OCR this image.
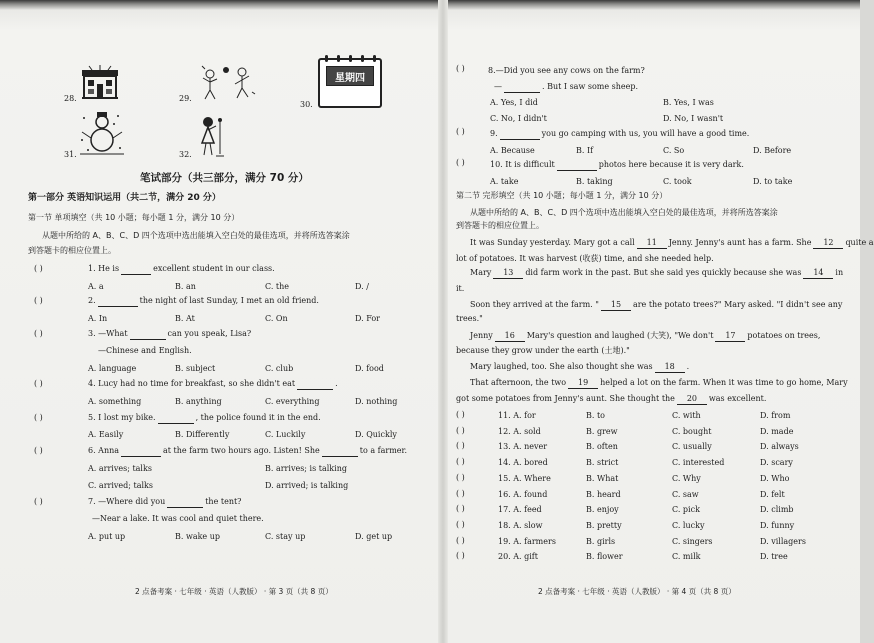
28.	29.
30.
星期四
31.	32.
笔试部分（共三部分，满分 70 分）
第一部分 英语知识运用（共二节，满分 20 分）
第一节 单项填空（共 10 小题；每小题 1 分，满分 10 分）
从题中所给的 A、B、C、D 四个选项中选出能填入空白处的最佳选项，并将所选答案涂
到答题卡的相应位置上。
( )	1. He is	excellent student in our class.
A. a	B. an	C. the	D. /
( )	2.	the night of last Sunday, I met an old friend.
A. In	B. At	C. On	D. For
( )	3. —What	can you speak, Lisa?
—Chinese and English.
A. language	B. subject	C. club	D. food
( )	4. Lucy had no time for breakfast, so she didn't eat	.
A. something	B. anything	C. everything	D. nothing
( )	5. I lost my bike.	, the police found it in the end.
A. Easily	B. Differently	C. Luckily	D. Quickly
( )	6. Anna	at the farm two hours ago. Listen! She	to a farmer.
A. arrives; talks	B. arrives; is talking
C. arrived; talks	D. arrived; is talking
( )	7. —Where did you	the tent?
—Near a lake. It was cool and quiet there.
A. put up	B. wake up	C. stay up	D. get up
2 点备考案 · 七年级 · 英语（人教版） · 第 3 页（共 8 页）
( )	8.—Did you see any cows on the farm?
—	. But I saw some sheep.
A. Yes, I did	B. Yes, I was
C. No, I didn't	D. No, I wasn't
( )	9.	you go camping with us, you will have a good time.
A. Because	B. If	C. So	D. Before
( )	10. It is difficult	photos here because it is very dark.
A. take	B. taking	C. took	D. to take
第二节 完形填空（共 10 小题；每小题 1 分，满分 10 分）
从题中所给的 A、B、C、D 四个选项中选出能填入空白处的最佳选项，并将所选答案涂
到答题卡的相应位置上。
It was Sunday yesterday. Mary got a call 11 Jenny. Jenny's aunt has a farm. She 12 quite a
lot of potatoes. It was harvest (收获) time, and she needed help.
Mary 13 did farm work in the past. But she said yes quickly because she was 14 in
it.
Soon they arrived at the farm. " 15 are the potato trees?" Mary asked. "I didn't see any
trees."
Jenny 16 Mary's question and laughed (大笑), "We don't 17 potatoes on trees,
because they grow under the earth (土地)."
Mary laughed, too. She also thought she was 18 .
That afternoon, the two 19 helped a lot on the farm. When it was time to go home, Mary
got some potatoes from Jenny's aunt. She thought the 20 was excellent.
( )	11. A. for	B. to	C. with	D. from
( )	12. A. sold	B. grew	C. bought	D. made
( )	13. A. never	B. often	C. usually	D. always
( )	14. A. bored	B. strict	C. interested	D. scary
( )	15. A. Where	B. What	C. Why	D. Who
( )	16. A. found	B. heard	C. saw	D. felt
( )	17. A. feed	B. enjoy	C. pick	D. climb
( )	18. A. slow	B. pretty	C. lucky	D. funny
( )	19. A. farmers	B. girls	C. singers	D. villagers
( )	20. A. gift	B. flower	C. milk	D. tree
2 点备考案 · 七年级 · 英语（人教版） · 第 4 页（共 8 页）
